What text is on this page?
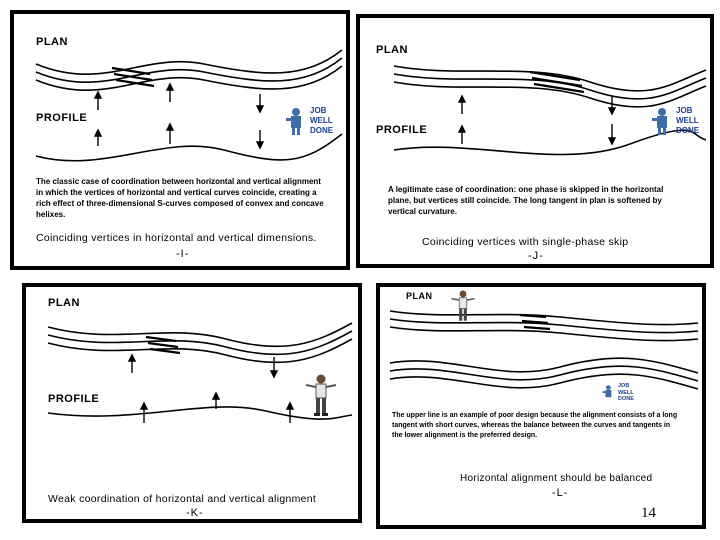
PLAN
PROFILE
JOB
WELL
DONE
The classic case of coordination between horizontal and vertical alignment in which the vertices of horizontal and vertical curves coincide, creating a rich effect of three-dimensional S-curves composed of convex and concave helixes.
Coinciding vertices in horizontal and vertical dimensions.
-I-
PLAN
PROFILE
JOB
WELL
DONE
A legitimate case of coordination: one phase is skipped in the horizontal plane, but vertices still coincide. The long tangent in plan is softened by vertical curvature.
Coinciding vertices with single-phase skip
-J-
PLAN
PROFILE
Weak coordination of horizontal and vertical alignment
-K-
PLAN
JOB
WELL
DONE
The upper line is an example of poor design because the alignment consists of a long tangent with short curves, whereas the balance between the curves and tangents in the lower alignment is the preferred design.
Horizontal alignment should be balanced
-L-
14
